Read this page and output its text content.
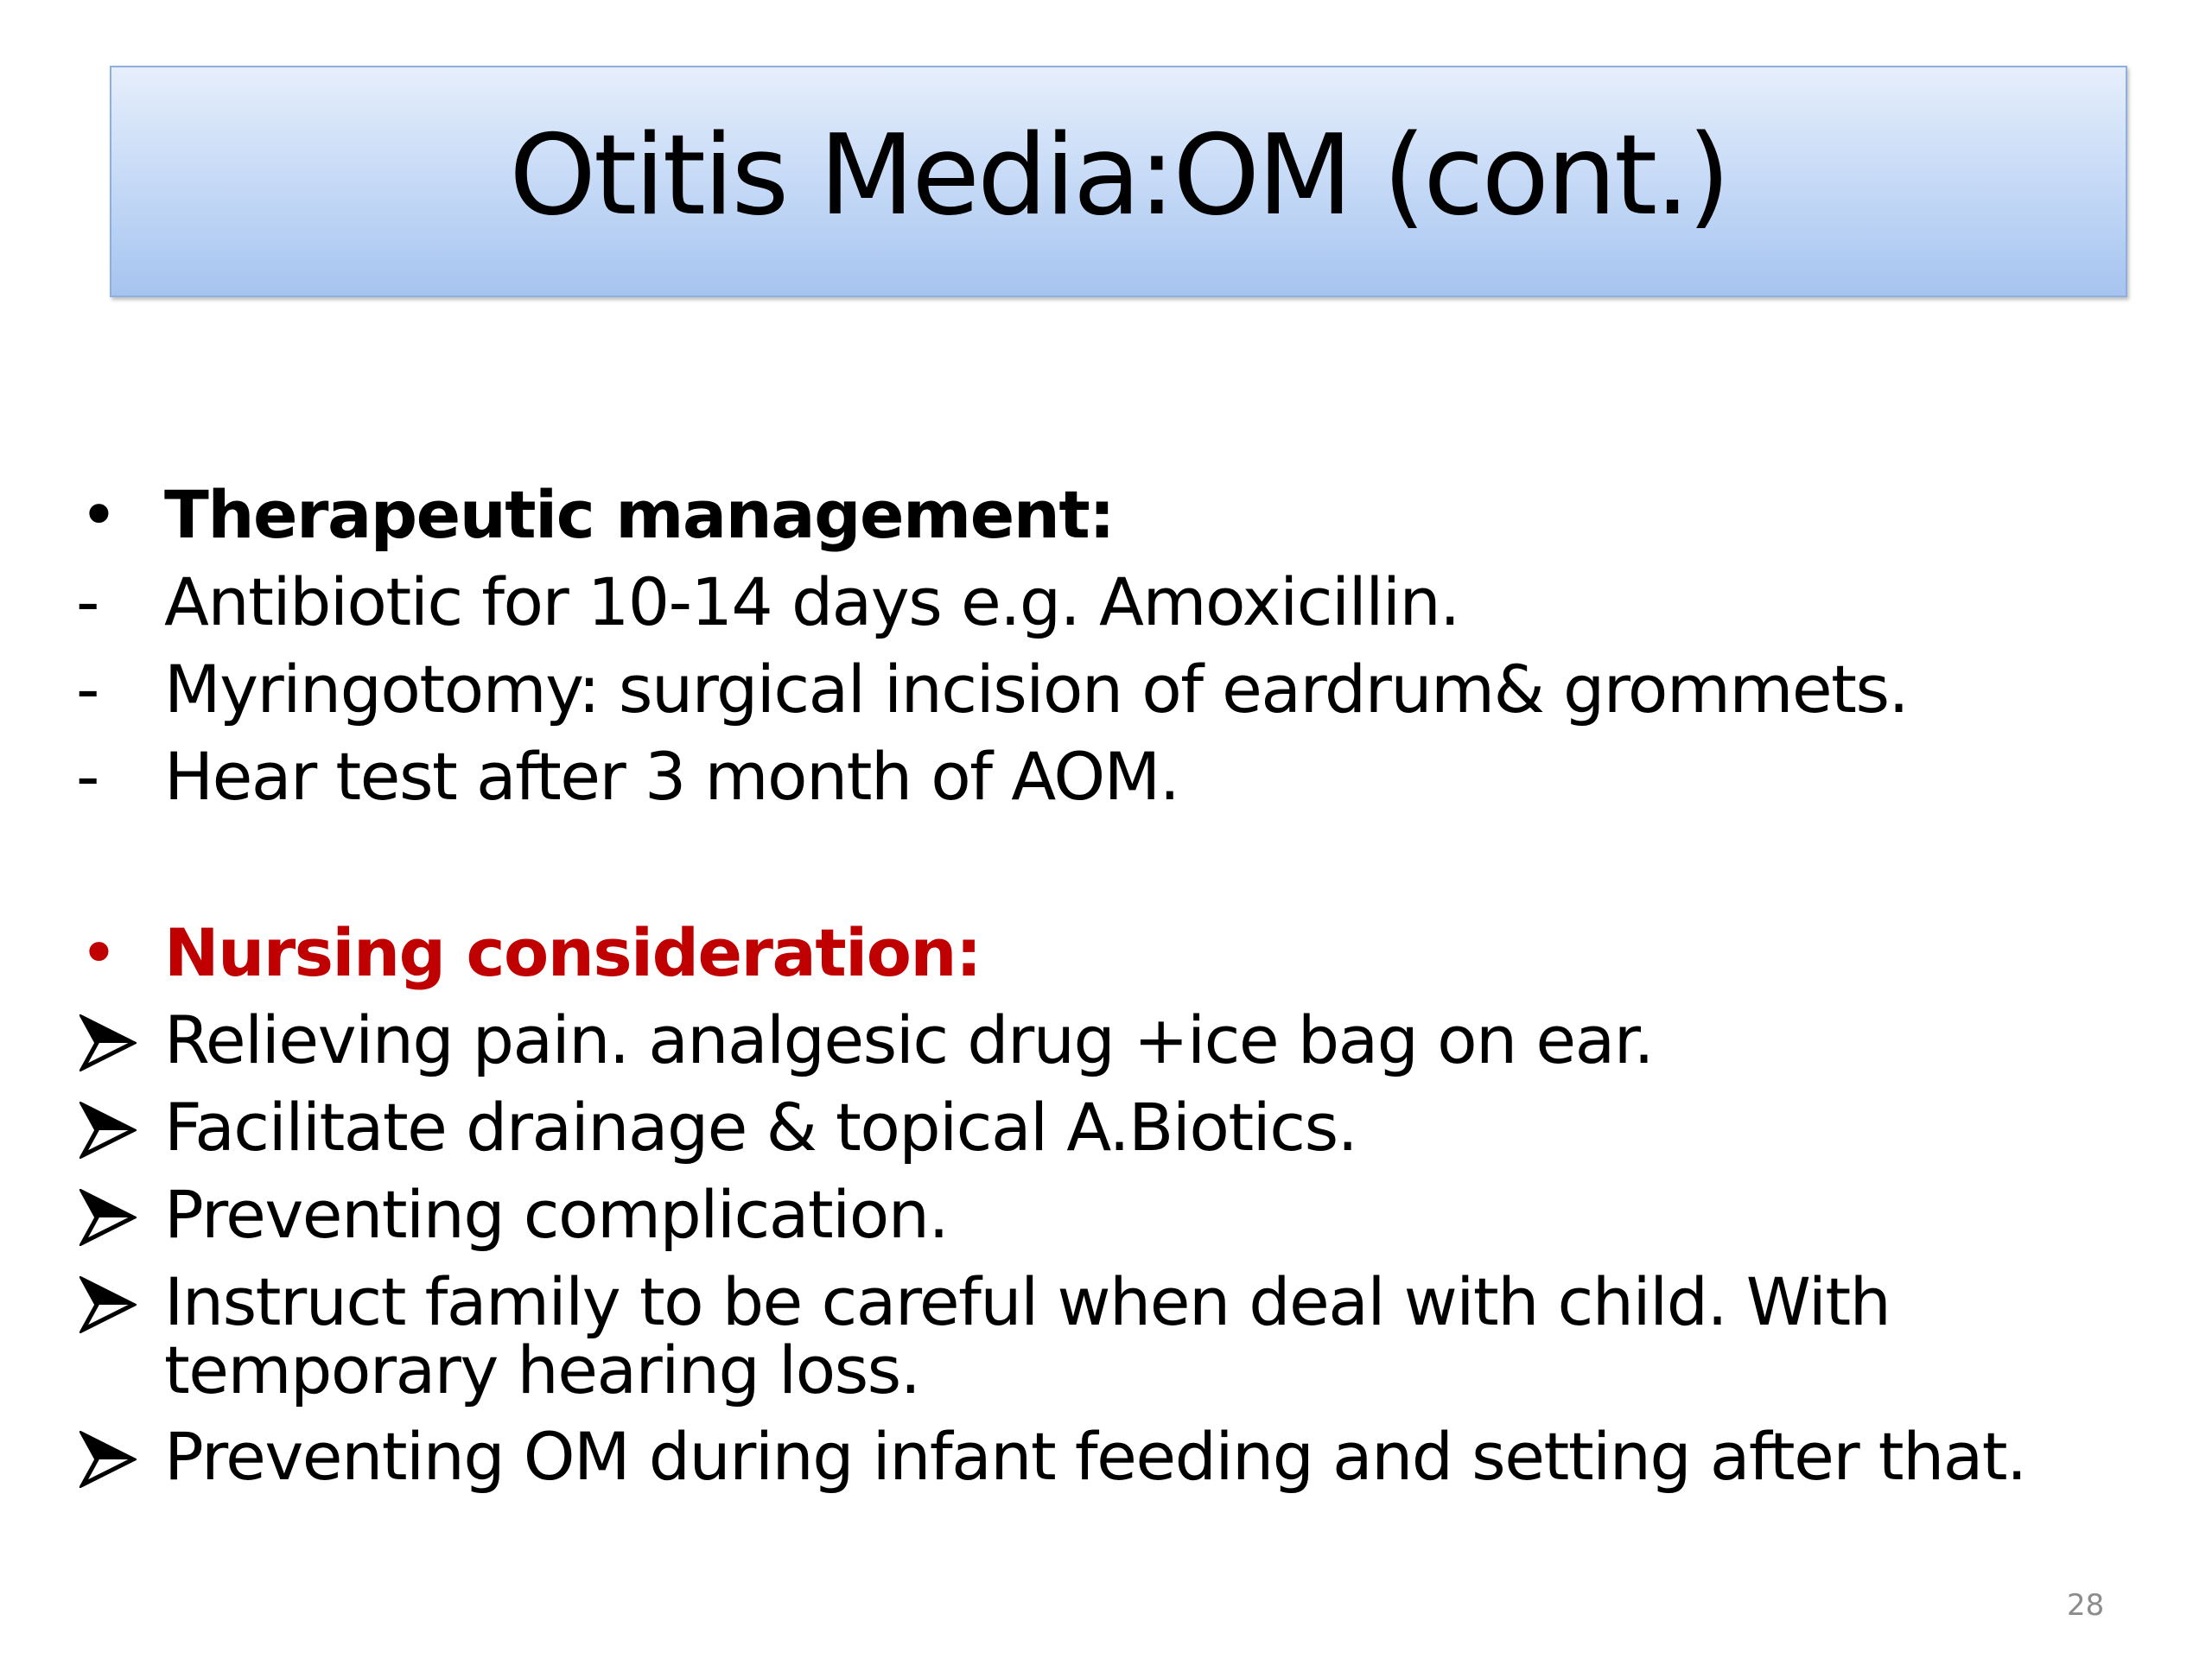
Otitis Media:OM (cont.)
• Therapeutic management:
-	Antibiotic for 10-14 days e.g. Amoxicillin.
-	Myringotomy: surgical incision of eardrum& grommets.
-	Hear test after 3 month of AOM.
• Nursing consideration:
Relieving pain. analgesic drug +ice bag on ear.
Facilitate drainage & topical A.Biotics.
Preventing complication.
Instruct family to be careful when deal with child. With
temporary hearing loss.
Preventing OM during infant feeding and setting after that.
28
